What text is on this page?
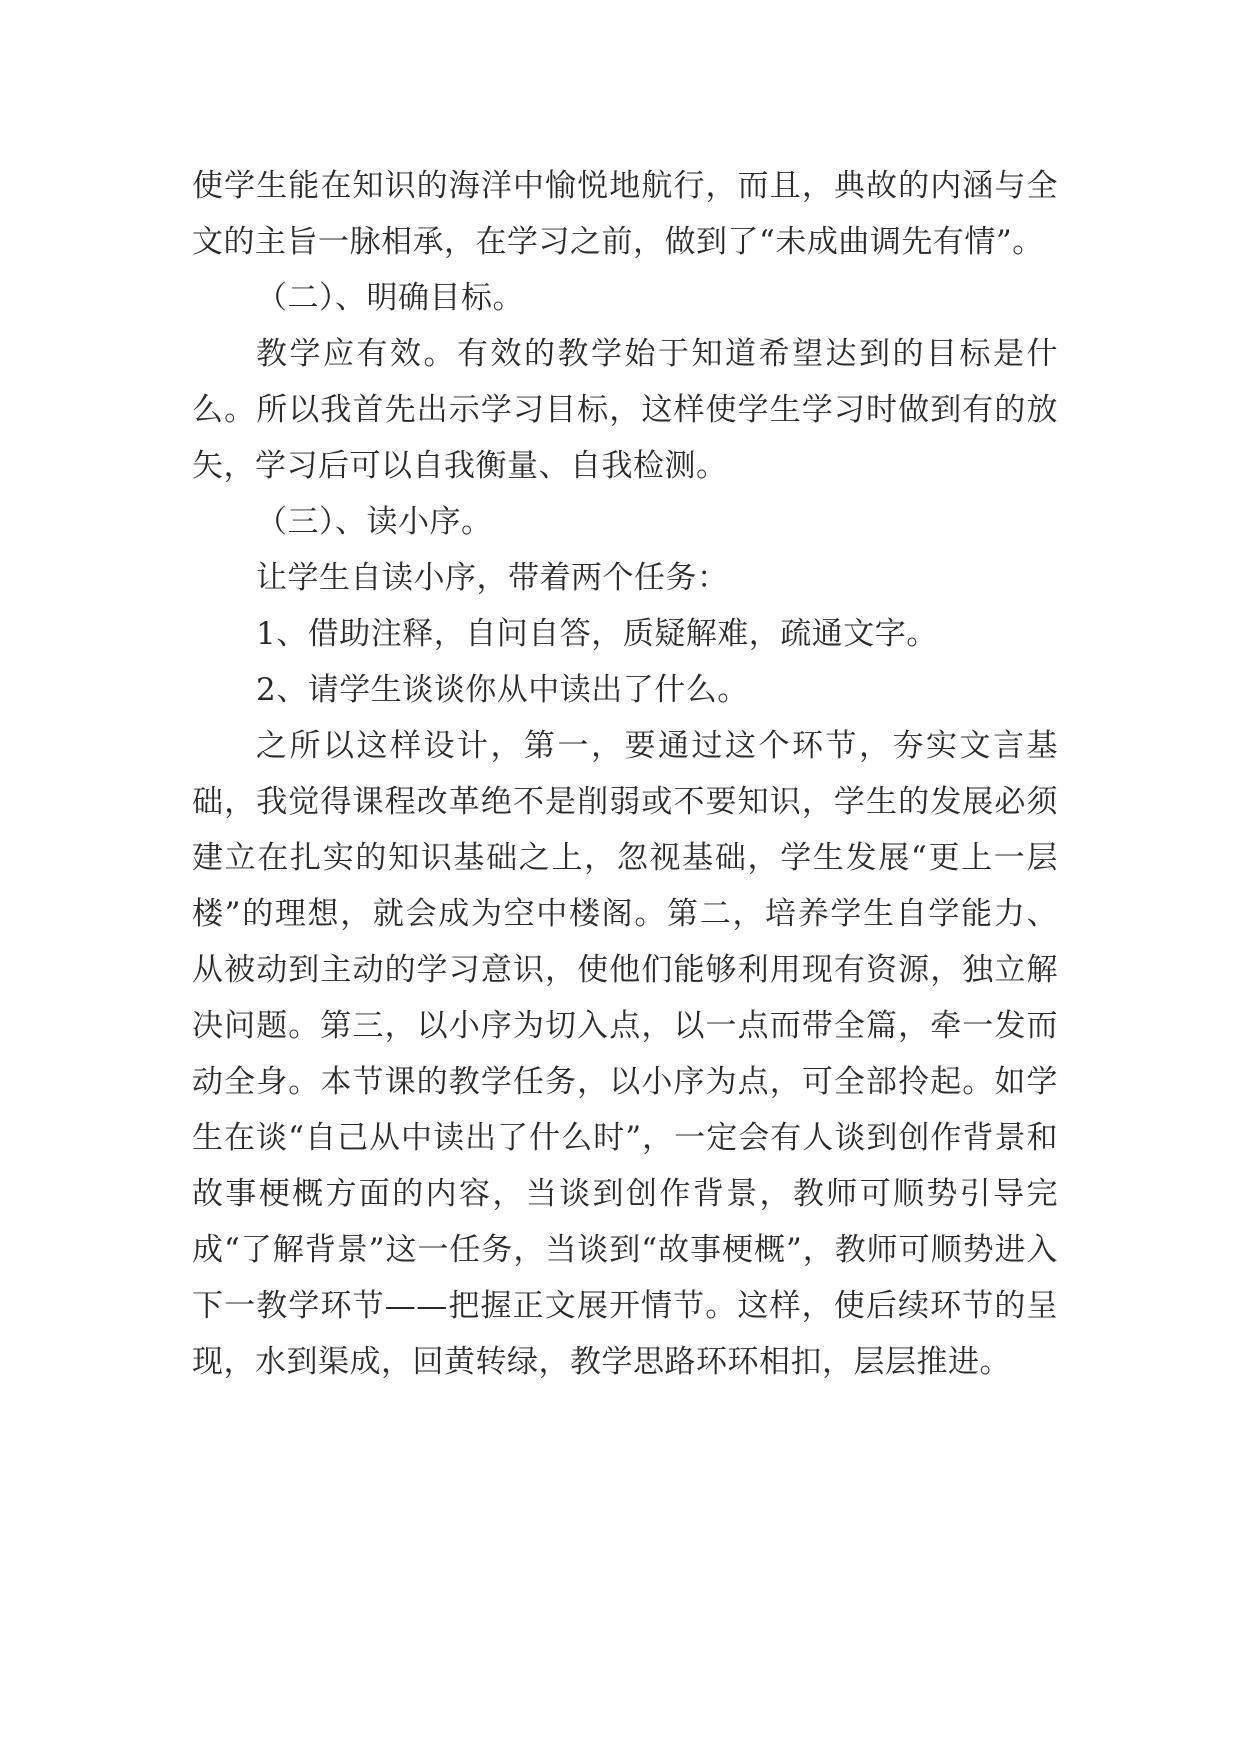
使学生能在知识的海洋中愉悦地航行，而且，典故的内涵与全文的主旨一脉相承，在学习之前，做到了“未成曲调先有情”。

（二）、明确目标。

教学应有效。有效的教学始于知道希望达到的目标是什么。所以我首先出示学习目标，这样使学生学习时做到有的放矢，学习后可以自我衡量、自我检测。

（三）、读小序。

让学生自读小序，带着两个任务：

1、借助注释，自问自答，质疑解难，疏通文字。

2、请学生谈谈你从中读出了什么。

之所以这样设计，第一，要通过这个环节，夯实文言基础，我觉得课程改革绝不是削弱或不要知识，学生的发展必须建立在扎实的知识基础之上，忽视基础，学生发展“更上一层楼”的理想，就会成为空中楼阁。第二，培养学生自学能力、从被动到主动的学习意识，使他们能够利用现有资源，独立解决问题。第三，以小序为切入点，以一点而带全篇，牵一发而动全身。本节课的教学任务，以小序为点，可全部拎起。如学生在谈“自己从中读出了什么时”，一定会有人谈到创作背景和故事梗概方面的内容，当谈到创作背景，教师可顺势引导完成“了解背景”这一任务，当谈到“故事梗概”，教师可顺势进入下一教学环节——把握正文展开情节。这样，使后续环节的呈现，水到渠成，回黄转绿，教学思路环环相扣，层层推进。
